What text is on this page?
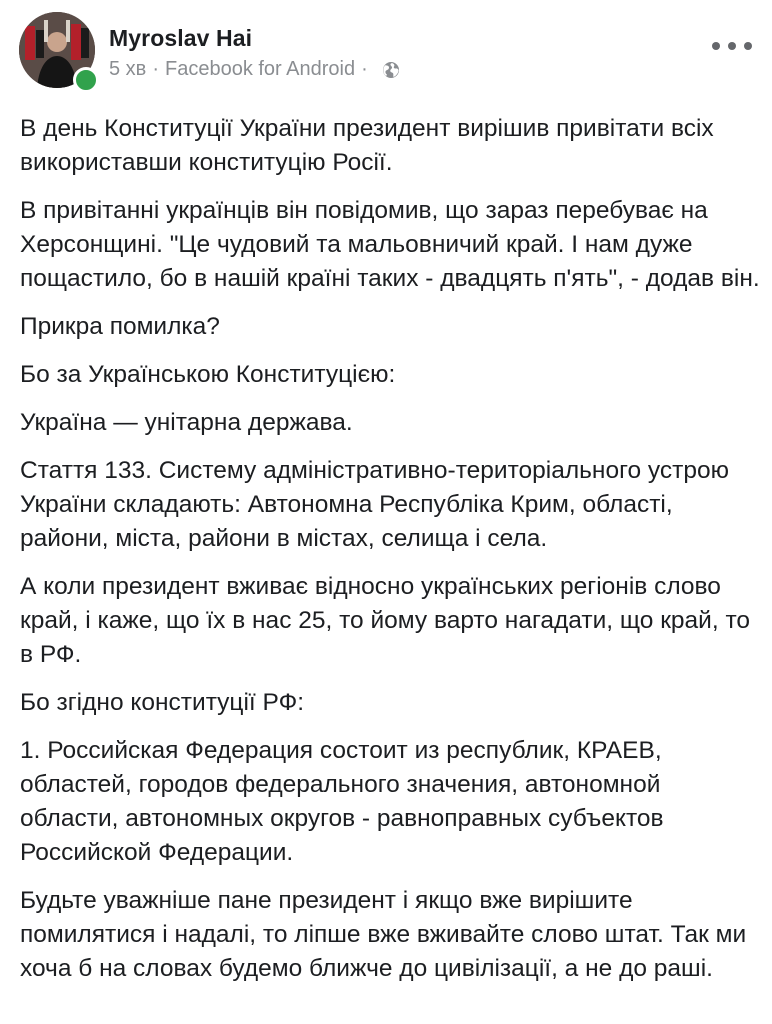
Myroslav Hai
5 хв · Facebook for Android ·

В день Конституції України президент вирішив привітати всіх використавши конституцію Росії.

В привітанні українців він повідомив, що зараз перебуває на Херсонщині. "Це чудовий та мальовничий край. І нам дуже пощастило, бо в нашій країні таких - двадцять п'ять", - додав він.

Прикра помилка?

Бо за Українською Конституцією:

Україна — унітарна держава.

Стаття 133. Систему адміністративно-територіального устрою України складають: Автономна Республіка Крим, області, райони, міста, райони в містах, селища і села.

А коли президент вживає відносно українських регіонів слово край, і каже, що їх в нас 25, то йому варто нагадати, що край, то в РФ.

Бо згідно конституції РФ:

1. Российская Федерация состоит из республик, КРАЕВ, областей, городов федерального значения, автономной области, автономных округов - равноправных субъектов Российской Федерации.

Будьте уважніше пане президент і якщо вже вирішите помилятися і надалі, то ліпше вже вживайте слово штат. Так ми хоча б на словах будемо ближче до цивілізації, а не до раші.
